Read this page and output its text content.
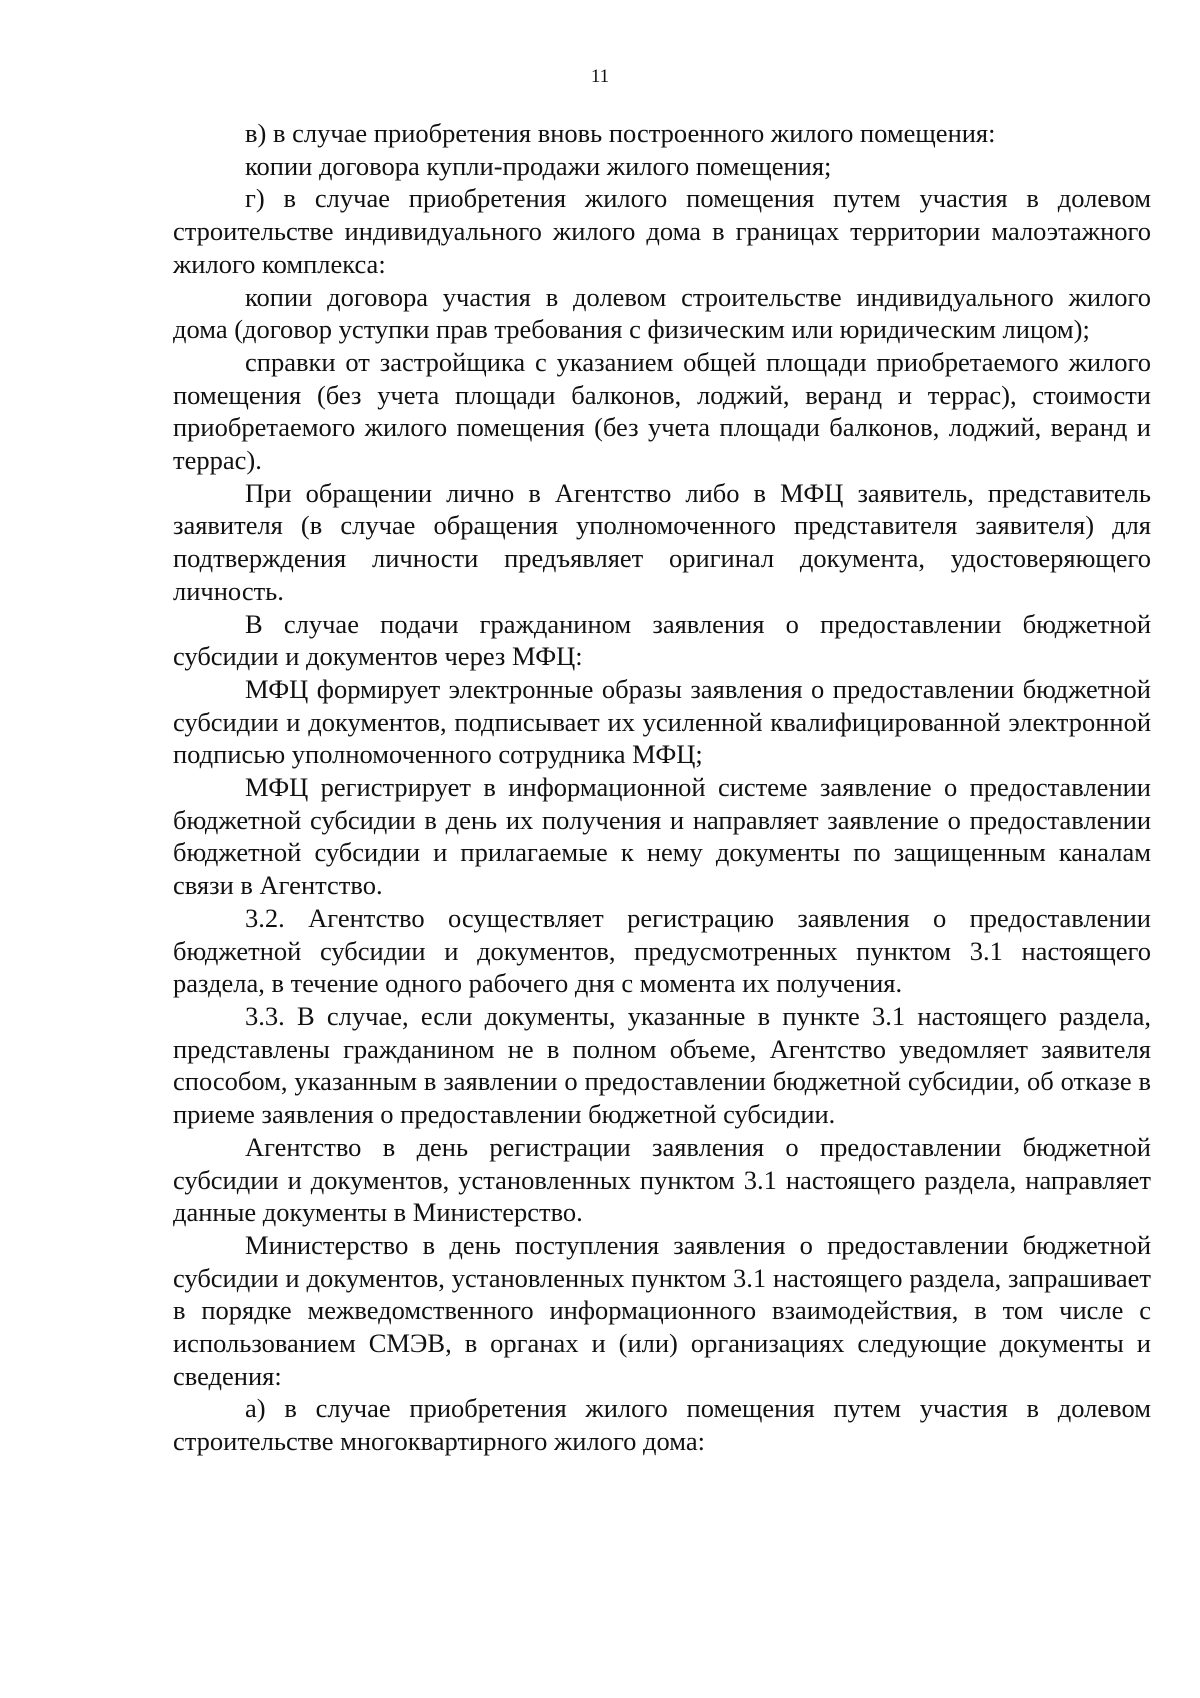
11

в) в случае приобретения вновь построенного жилого помещения:

копии договора купли-продажи жилого помещения;

г) в случае приобретения жилого помещения путем участия в долевом строительстве индивидуального жилого дома в границах территории малоэтажного жилого комплекса:

копии договора участия в долевом строительстве индивидуального жилого дома (договор уступки прав требования с физическим или юридическим лицом);

справки от застройщика с указанием общей площади приобретаемого жилого помещения (без учета площади балконов, лоджий, веранд и террас), стоимости приобретаемого жилого помещения (без учета площади балконов, лоджий, веранд и террас).

При обращении лично в Агентство либо в МФЦ заявитель, представитель заявителя (в случае обращения уполномоченного представителя заявителя) для подтверждения личности предъявляет оригинал документа, удостоверяющего личность.

В случае подачи гражданином заявления о предоставлении бюджетной субсидии и документов через МФЦ:

МФЦ формирует электронные образы заявления о предоставлении бюджетной субсидии и документов, подписывает их усиленной квалифицированной электронной подписью уполномоченного сотрудника МФЦ;

МФЦ регистрирует в информационной системе заявление о предоставлении бюджетной субсидии в день их получения и направляет заявление о предоставлении бюджетной субсидии и прилагаемые к нему документы по защищенным каналам связи в Агентство.

3.2. Агентство осуществляет регистрацию заявления о предоставлении бюджетной субсидии и документов, предусмотренных пунктом 3.1 настоящего раздела, в течение одного рабочего дня с момента их получения.

3.3. В случае, если документы, указанные в пункте 3.1 настоящего раздела, представлены гражданином не в полном объеме, Агентство уведомляет заявителя способом, указанным в заявлении о предоставлении бюджетной субсидии, об отказе в приеме заявления о предоставлении бюджетной субсидии.

Агентство в день регистрации заявления о предоставлении бюджетной субсидии и документов, установленных пунктом 3.1 настоящего раздела, направляет данные документы в Министерство.

Министерство в день поступления заявления о предоставлении бюджетной субсидии и документов, установленных пунктом 3.1 настоящего раздела, запрашивает в порядке межведомственного информационного взаимодействия, в том числе с использованием СМЭВ, в органах и (или) организациях следующие документы и сведения:

а) в случае приобретения жилого помещения путем участия в долевом строительстве многоквартирного жилого дома:
